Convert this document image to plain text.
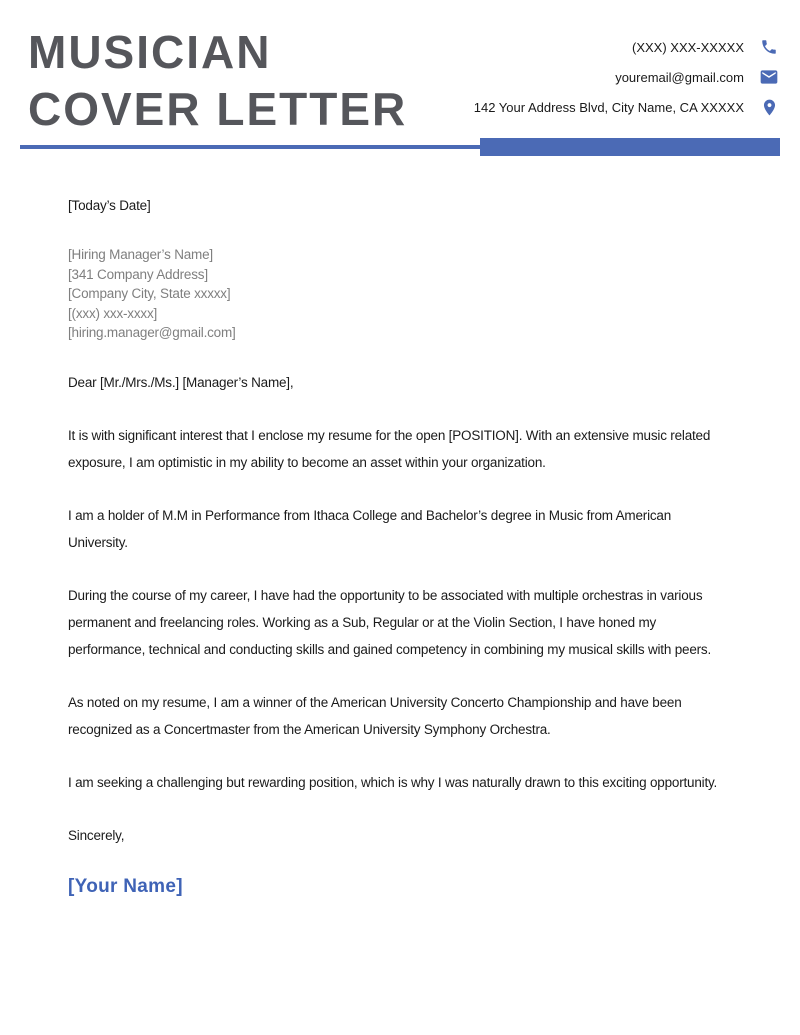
MUSICIAN
COVER LETTER
(XXX) XXX-XXXXX
youremail@gmail.com
142 Your Address Blvd, City Name, CA XXXXX

[Today’s Date]

[Hiring Manager’s Name]
[341 Company Address]
[Company City, State xxxxx]
[(xxx) xxx-xxxx]
[hiring.manager@gmail.com]

Dear [Mr./Mrs./Ms.] [Manager’s Name],

It is with significant interest that I enclose my resume for the open [POSITION]. With an extensive music related exposure, I am optimistic in my ability to become an asset within your organization.

I am a holder of M.M in Performance from Ithaca College and Bachelor’s degree in Music from American University.

During the course of my career, I have had the opportunity to be associated with multiple orchestras in various permanent and freelancing roles. Working as a Sub, Regular or at the Violin Section, I have honed my performance, technical and conducting skills and gained competency in combining my musical skills with peers.

As noted on my resume, I am a winner of the American University Concerto Championship and have been recognized as a Concertmaster from the American University Symphony Orchestra.

I am seeking a challenging but rewarding position, which is why I was naturally drawn to this exciting opportunity.

Sincerely,

[Your Name]
